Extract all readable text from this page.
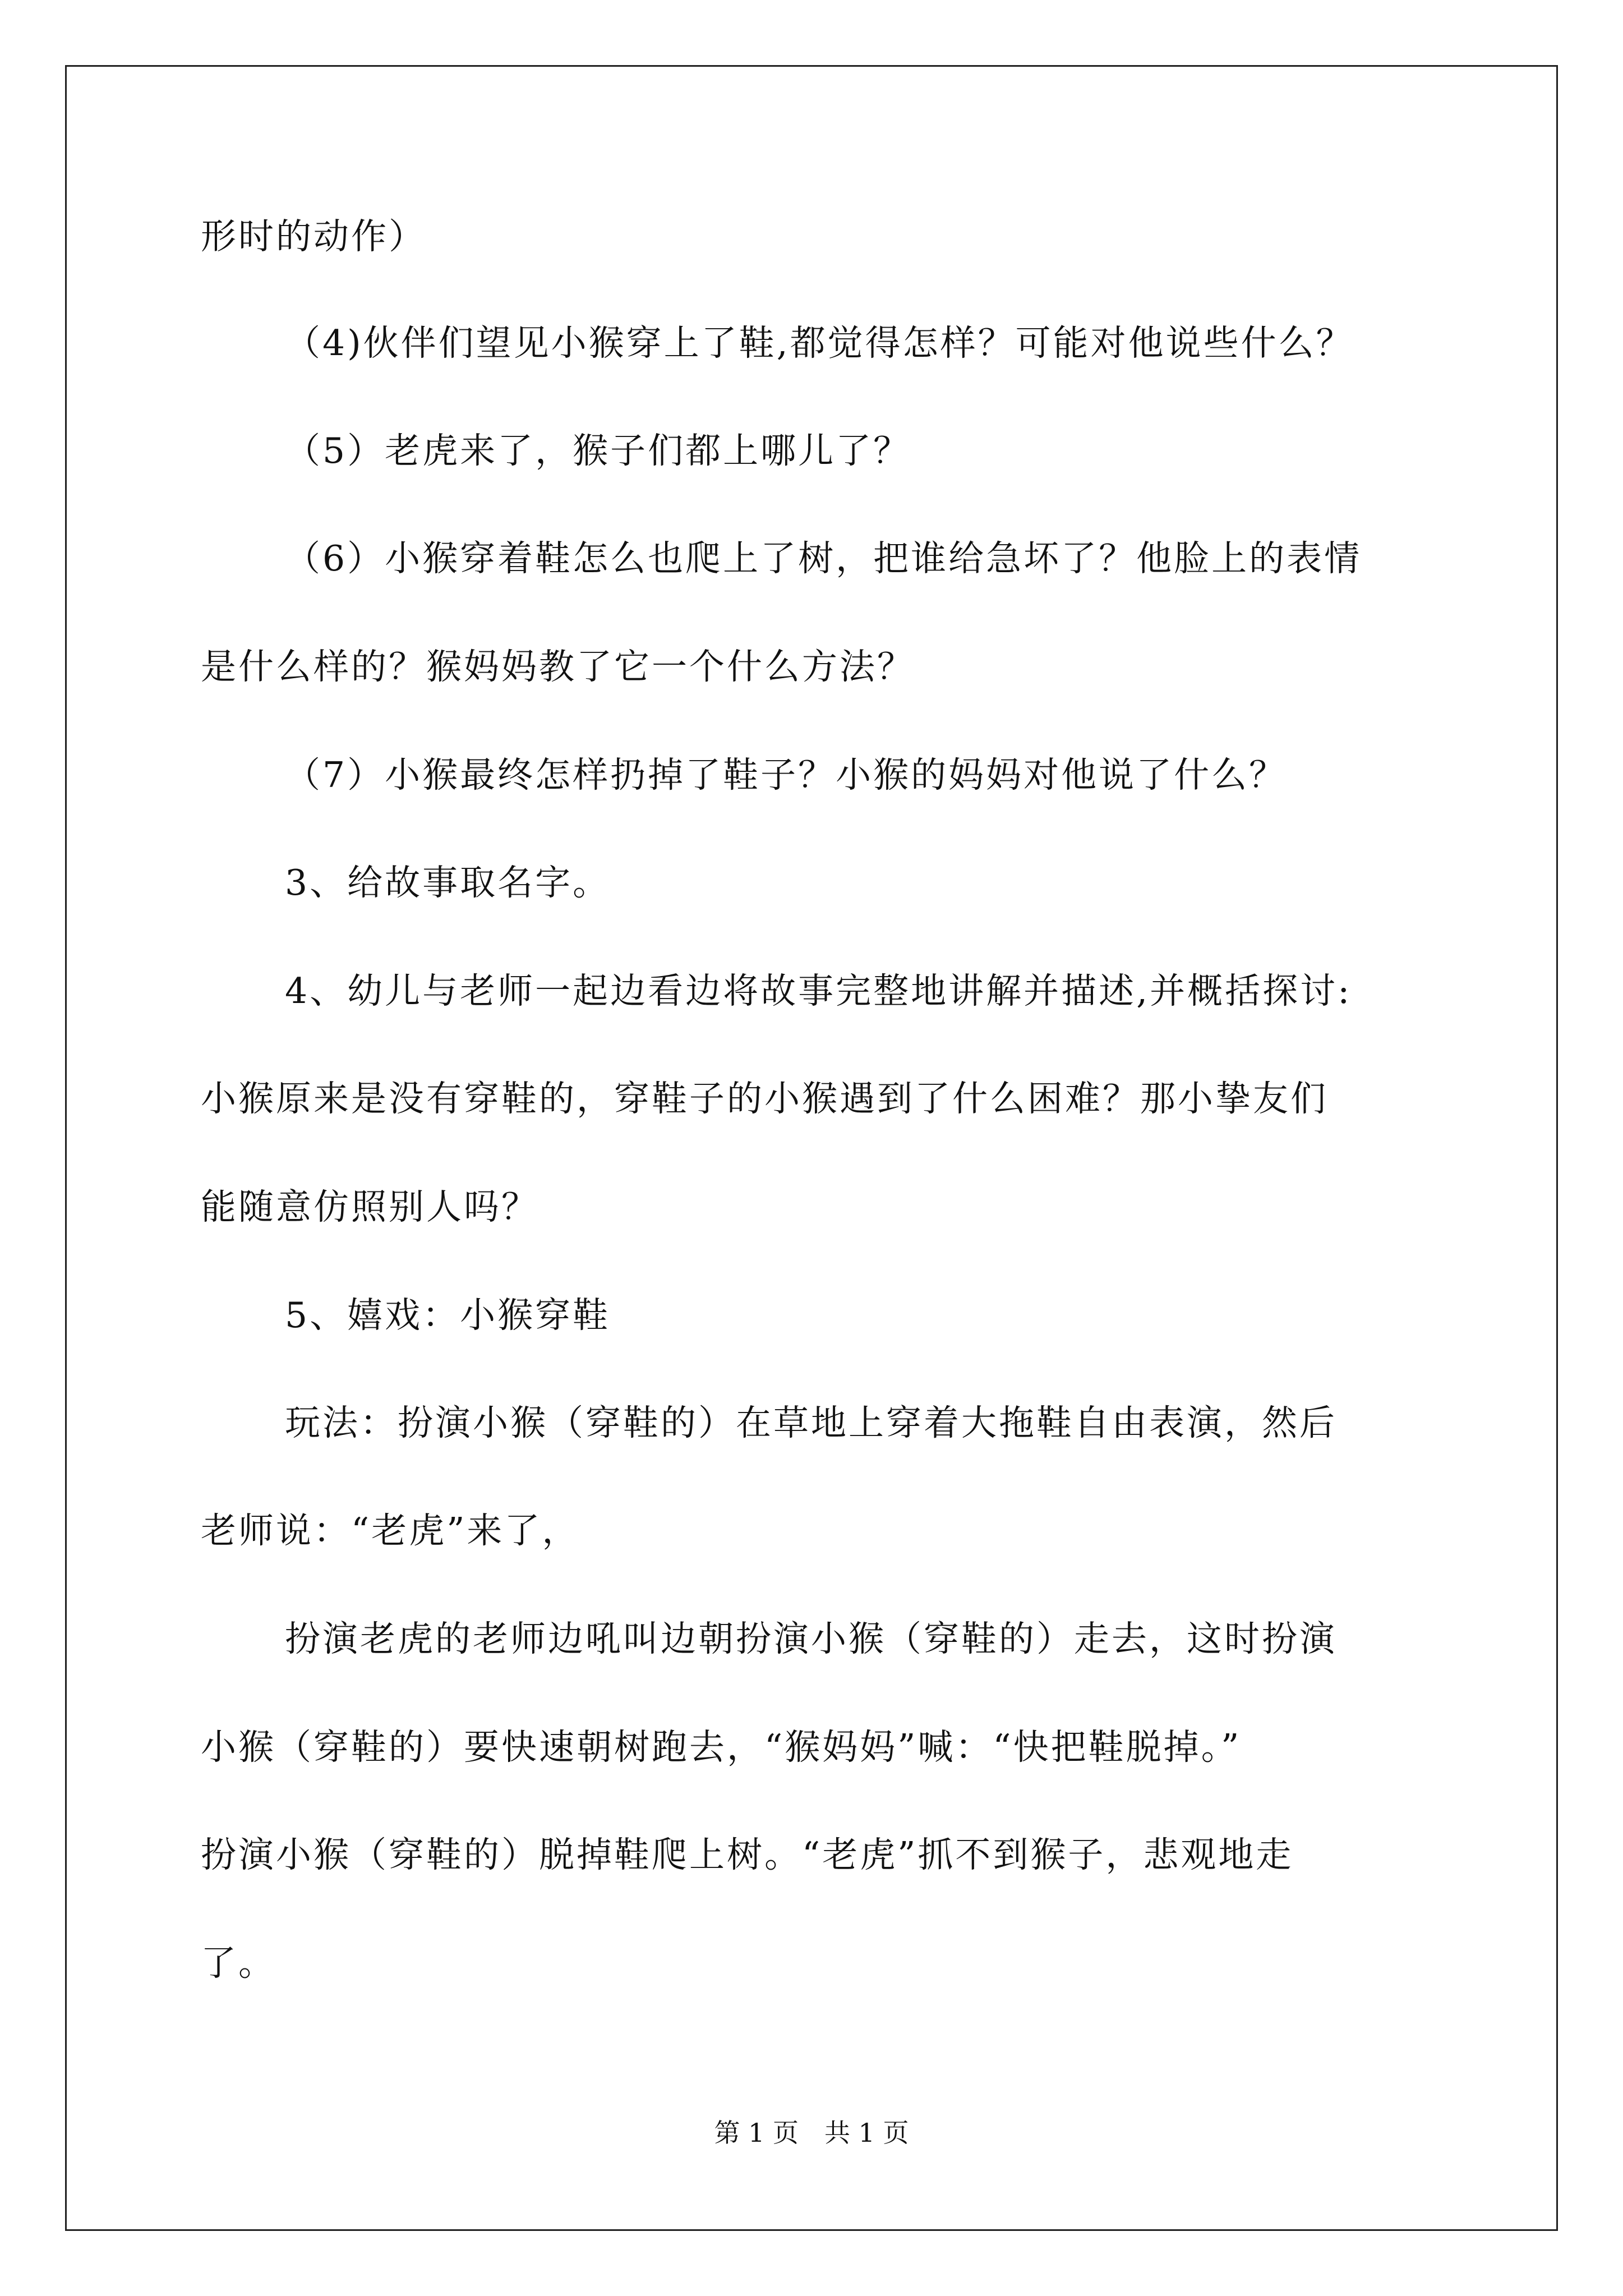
形时的动作）
（4)伙伴们望见小猴穿上了鞋,都觉得怎样？可能对他说些什么？
（5）老虎来了，猴子们都上哪儿了？
（6）小猴穿着鞋怎么也爬上了树，把谁给急坏了？他脸上的表情
是什么样的？猴妈妈教了它一个什么方法？
（7）小猴最终怎样扔掉了鞋子？小猴的妈妈对他说了什么？
3、给故事取名字。
4、幼儿与老师一起边看边将故事完整地讲解并描述,并概括探讨:
小猴原来是没有穿鞋的，穿鞋子的小猴遇到了什么困难？那小挚友们
能随意仿照别人吗？
5、嬉戏：小猴穿鞋
玩法：扮演小猴（穿鞋的）在草地上穿着大拖鞋自由表演，然后
老师说：“老虎”来了，
扮演老虎的老师边吼叫边朝扮演小猴（穿鞋的）走去，这时扮演
小猴（穿鞋的）要快速朝树跑去，“猴妈妈”喊：“快把鞋脱掉。”
扮演小猴（穿鞋的）脱掉鞋爬上树。“老虎”抓不到猴子，悲观地走
了。
第 1 页　共 1 页
